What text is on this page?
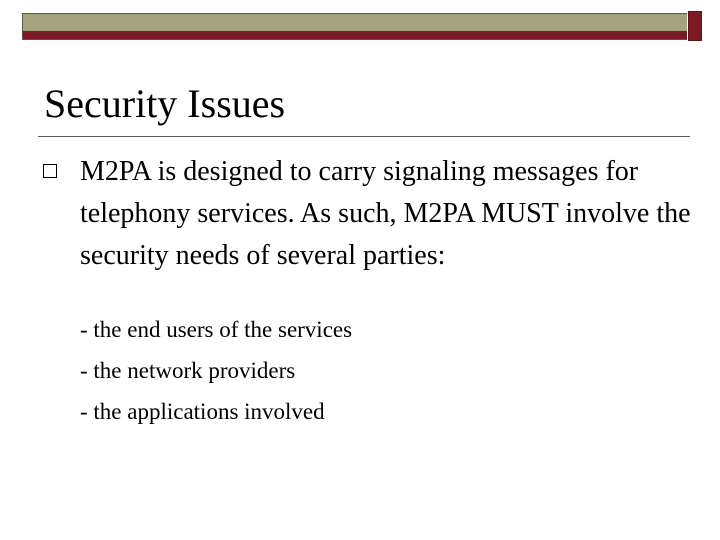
Security Issues
M2PA is designed to carry signaling messages for telephony services. As such, M2PA MUST involve the security needs of several parties:
- the end users of the services
- the network providers
- the applications involved
